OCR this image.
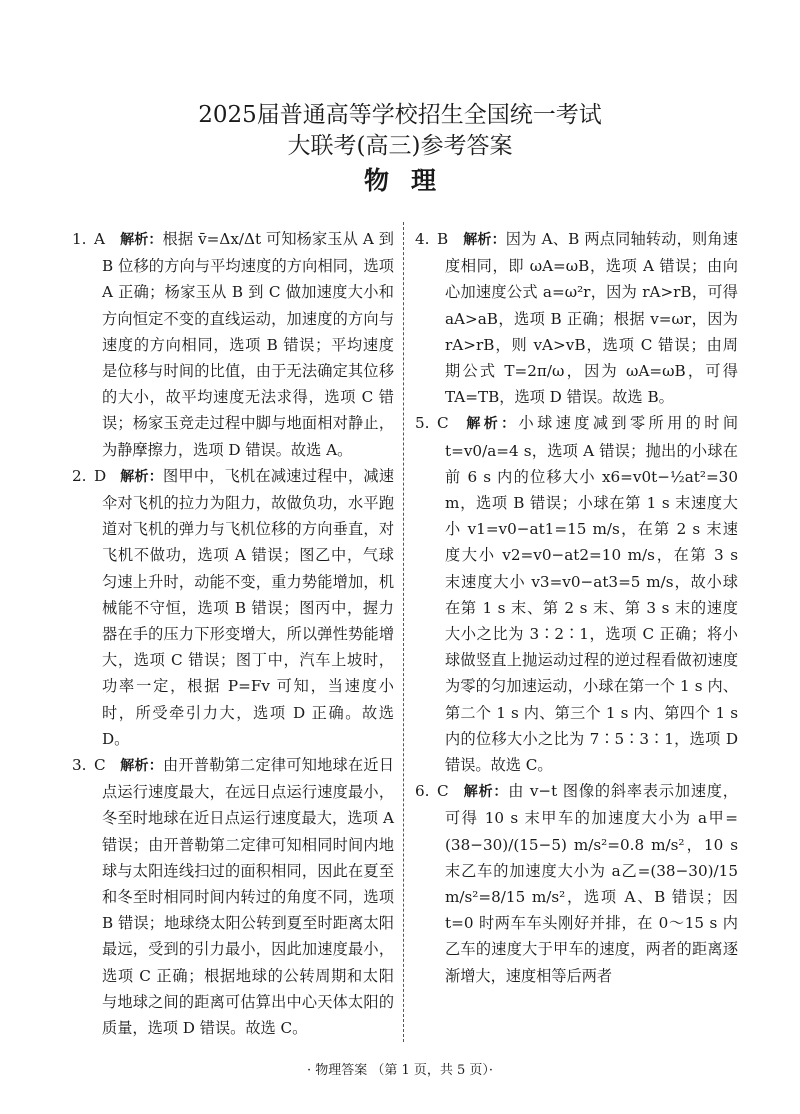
2025届普通高等学校招生全国统一考试
大联考(高三)参考答案
物理

1. A 解析：根据 v̄=Δx/Δt 可知杨家玉从 A 到 B 位移的方向与平均速度的方向相同，选项 A 正确；杨家玉从 B 到 C 做加速度大小和方向恒定不变的直线运动，加速度的方向与速度的方向相同，选项 B 错误；平均速度是位移与时间的比值，由于无法确定其位移的大小，故平均速度无法求得，选项 C 错误；杨家玉竞走过程中脚与地面相对静止，为静摩擦力，选项 D 错误。故选 A。

2. D 解析：图甲中，飞机在减速过程中，减速伞对飞机的拉力为阻力，故做负功，水平跑道对飞机的弹力与飞机位移的方向垂直，对飞机不做功，选项 A 错误；图乙中，气球匀速上升时，动能不变，重力势能增加，机械能不守恒，选项 B 错误；图丙中，握力器在手的压力下形变增大，所以弹性势能增大，选项 C 错误；图丁中，汽车上坡时，功率一定，根据 P=Fv 可知，当速度小时，所受牵引力大，选项 D 正确。故选 D。

3. C 解析：由开普勒第二定律可知地球在近日点运行速度最大，在远日点运行速度最小，冬至时地球在近日点运行速度最大，选项 A 错误；由开普勒第二定律可知相同时间内地球与太阳连线扫过的面积相同，因此在夏至和冬至时相同时间内转过的角度不同，选项 B 错误；地球绕太阳公转到夏至时距离太阳最远，受到的引力最小，因此加速度最小，选项 C 正确；根据地球的公转周期和太阳与地球之间的距离可估算出中心天体太阳的质量，选项 D 错误。故选 C。

4. B 解析：因为 A、B 两点同轴转动，则角速度相同，即 ωA=ωB，选项 A 错误；由向心加速度公式 a=ω²r，因为 rA>rB，可得 aA>aB，选项 B 正确；根据 v=ωr，因为 rA>rB，则 vA>vB，选项 C 错误；由周期公式 T=2π/ω，因为 ωA=ωB，可得 TA=TB，选项 D 错误。故选 B。

5. C 解析：小球速度减到零所用的时间 t=v0/a=4 s，选项 A 错误；抛出的小球在前 6 s 内的位移大小 x6=v0t−½at²=30 m，选项 B 错误；小球在第 1 s 末速度大小 v1=v0−at1=15 m/s，在第 2 s 末速度大小 v2=v0−at2=10 m/s，在第 3 s 末速度大小 v3=v0−at3=5 m/s，故小球在第 1 s 末、第 2 s 末、第 3 s 末的速度大小之比为 3∶2∶1，选项 C 正确；将小球做竖直上抛运动过程的逆过程看做初速度为零的匀加速运动，小球在第一个 1 s 内、第二个 1 s 内、第三个 1 s 内、第四个 1 s 内的位移大小之比为 7∶5∶3∶1，选项 D 错误。故选 C。

6. C 解析：由 v−t 图像的斜率表示加速度，可得 10 s 末甲车的加速度大小为 a甲=(38−30)/(15−5) m/s²=0.8 m/s²，10 s 末乙车的加速度大小为 a乙=(38−30)/15 m/s²=8/15 m/s²，选项 A、B 错误；因 t=0 时两车车头刚好并排，在 0～15 s 内乙车的速度大于甲车的速度，两者的距离逐渐增大，速度相等后两者

· 物理答案 （第 1 页，共 5 页）·
